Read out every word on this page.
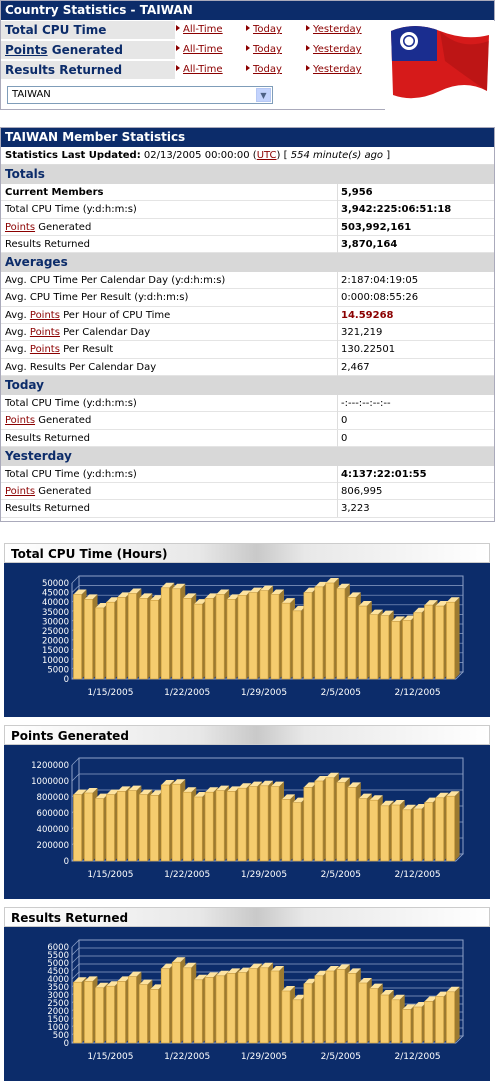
Country Statistics - TAIWAN
Total CPU Time	All-Time	Today	Yesterday
Points Generated	All-Time	Today	Yesterday
Results Returned	All-Time	Today	Yesterday
TAIWAN	▼
TAIWAN Member Statistics
Statistics Last Updated: 02/13/2005 00:00:00 (UTC) [ 554 minute(s) ago ]
Totals
Current Members	5,956
Total CPU Time (y:d:h:m:s)	3,942:225:06:51:18
Points Generated	503,992,161
Results Returned	3,870,164
Averages
Avg. CPU Time Per Calendar Day (y:d:h:m:s)	2:187:04:19:05
Avg. CPU Time Per Result (y:d:h:m:s)	0:000:08:55:26
Avg. Points Per Hour of CPU Time	14.59268
Avg. Points Per Calendar Day	321,219
Avg. Points Per Result	130.22501
Avg. Results Per Calendar Day	2,467
Today
Total CPU Time (y:d:h:m:s)	-:---:--:--:--
Points Generated	0
Results Returned	0
Yesterday
Total CPU Time (y:d:h:m:s)	4:137:22:01:55
Points Generated	806,995
Results Returned	3,223
Total CPU Time (Hours)
0
5000
10000
15000
20000
25000
30000
35000
40000
45000
50000
1/15/2005	1/22/2005	1/29/2005	2/5/2005	2/12/2005
Points Generated
0
200000
400000
600000
800000
1000000
1200000
1/15/2005	1/22/2005	1/29/2005	2/5/2005	2/12/2005
Results Returned
0
500
1000
1500
2000
2500
3000
3500
4000
4500
5000
5500
6000
1/15/2005	1/22/2005	1/29/2005	2/5/2005	2/12/2005
